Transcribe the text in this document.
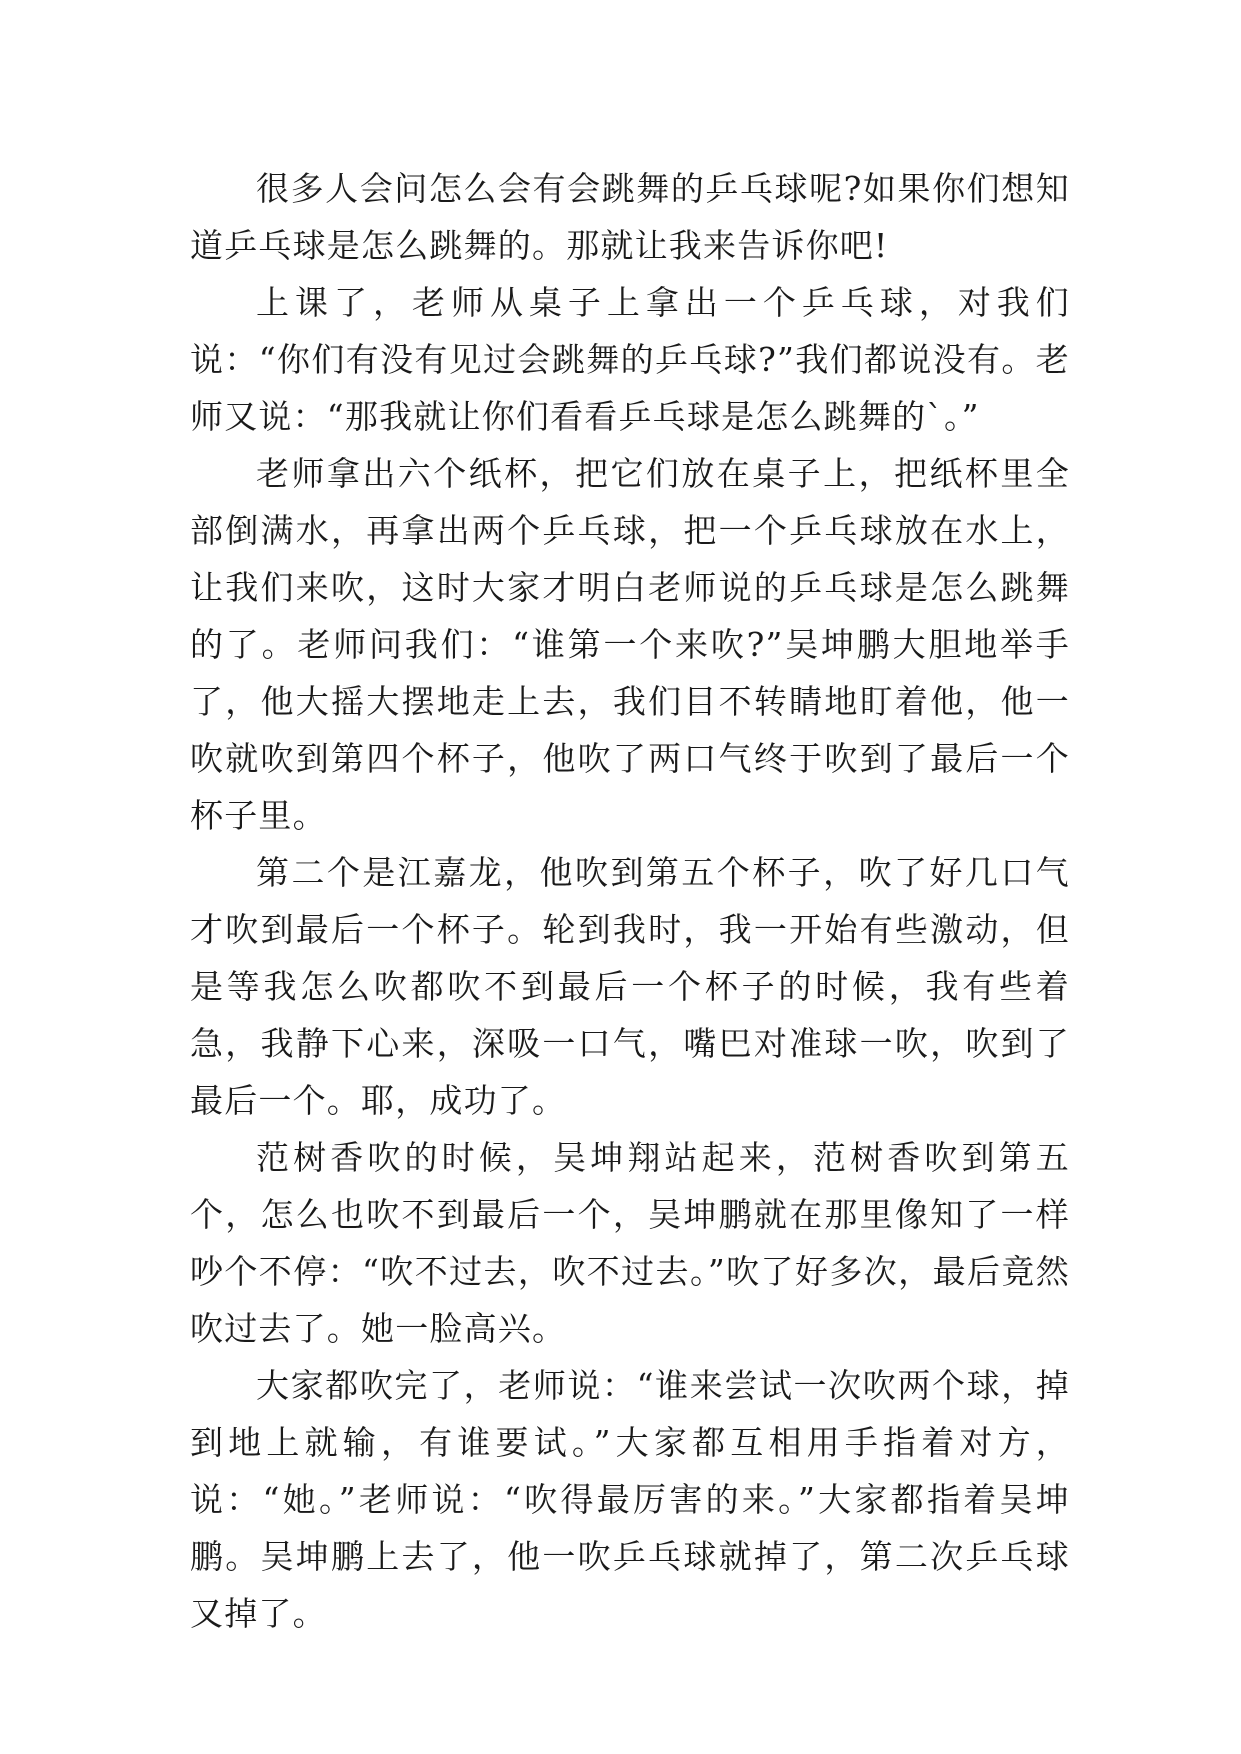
很多人会问怎么会有会跳舞的乒乓球呢?如果你们想知道乒乓球是怎么跳舞的。那就让我来告诉你吧!

上课了，老师从桌子上拿出一个乒乓球，对我们说：“你们有没有见过会跳舞的乒乓球?”我们都说没有。老师又说：“那我就让你们看看乒乓球是怎么跳舞的`。”

老师拿出六个纸杯，把它们放在桌子上，把纸杯里全部倒满水，再拿出两个乒乓球，把一个乒乓球放在水上，让我们来吹，这时大家才明白老师说的乒乓球是怎么跳舞的了。老师问我们：“谁第一个来吹?”吴坤鹏大胆地举手了，他大摇大摆地走上去，我们目不转睛地盯着他，他一吹就吹到第四个杯子，他吹了两口气终于吹到了最后一个杯子里。

第二个是江嘉龙，他吹到第五个杯子，吹了好几口气才吹到最后一个杯子。轮到我时，我一开始有些激动，但是等我怎么吹都吹不到最后一个杯子的时候，我有些着急，我静下心来，深吸一口气，嘴巴对准球一吹，吹到了最后一个。耶，成功了。

范树香吹的时候，吴坤翔站起来，范树香吹到第五个，怎么也吹不到最后一个，吴坤鹏就在那里像知了一样吵个不停：“吹不过去，吹不过去。”吹了好多次，最后竟然吹过去了。她一脸高兴。

大家都吹完了，老师说：“谁来尝试一次吹两个球，掉到地上就输，有谁要试。”大家都互相用手指着对方，说：“她。”老师说：“吹得最厉害的来。”大家都指着吴坤鹏。吴坤鹏上去了，他一吹乒乓球就掉了，第二次乒乓球又掉了。
